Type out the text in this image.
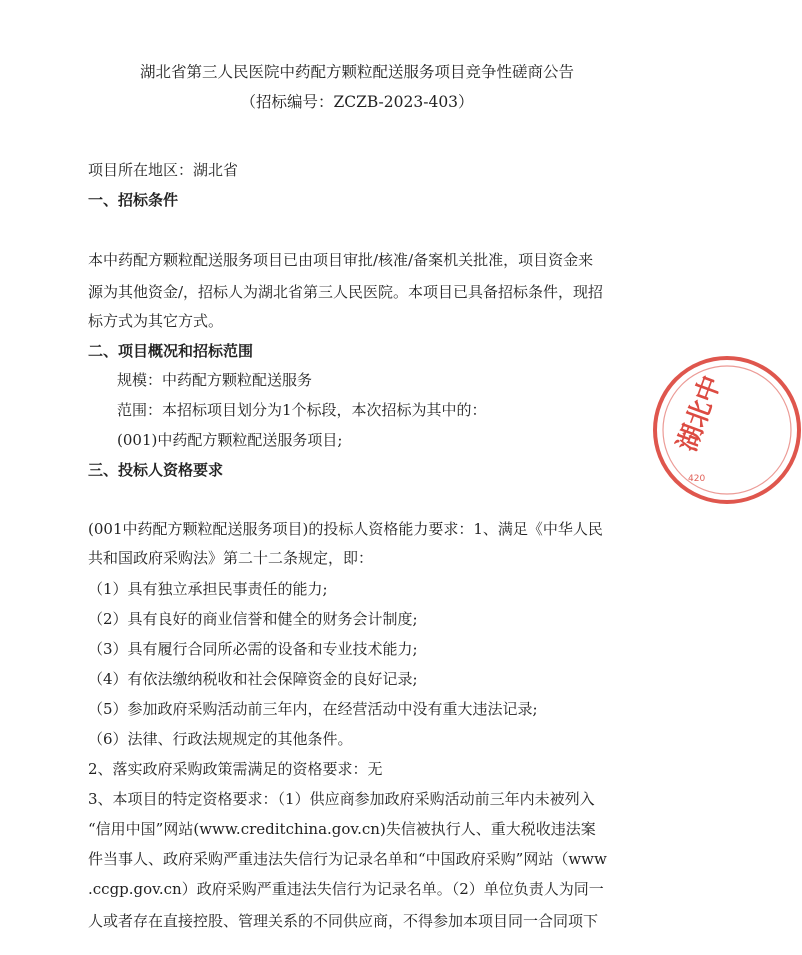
湖北省第三人民医院中药配方颗粒配送服务项目竞争性磋商公告
（招标编号：ZCZB-2023-403）
项目所在地区：湖北省
一、招标条件
本中药配方颗粒配送服务项目已由项目审批/核准/备案机关批准，项目资金来
源为其他资金/，招标人为湖北省第三人民医院。本项目已具备招标条件，现招
标方式为其它方式。
二、项目概况和招标范围
规模：中药配方颗粒配送服务
范围：本招标项目划分为1个标段，本次招标为其中的：
(001)中药配方颗粒配送服务项目;
三、投标人资格要求
(001中药配方颗粒配送服务项目)的投标人资格能力要求：1、满足《中华人民
共和国政府采购法》第二十二条规定，即：
（1）具有独立承担民事责任的能力;
（2）具有良好的商业信誉和健全的财务会计制度;
（3）具有履行合同所必需的设备和专业技术能力;
（4）有依法缴纳税收和社会保障资金的良好记录;
（5）参加政府采购活动前三年内，在经营活动中没有重大违法记录;
（6）法律、行政法规规定的其他条件。
2、落实政府采购政策需满足的资格要求：无
3、本项目的特定资格要求：（1）供应商参加政府采购活动前三年内未被列入
“信用中国”网站(www.creditchina.gov.cn)失信被执行人、重大税收违法案
件当事人、政府采购严重违法失信行为记录名单和“中国政府采购”网站（www
.ccgp.gov.cn）政府采购严重违法失信行为记录名单。（2）单位负责人为同一
人或者存在直接控股、管理关系的不同供应商，不得参加本项目同一合同项下
湖北中
420
